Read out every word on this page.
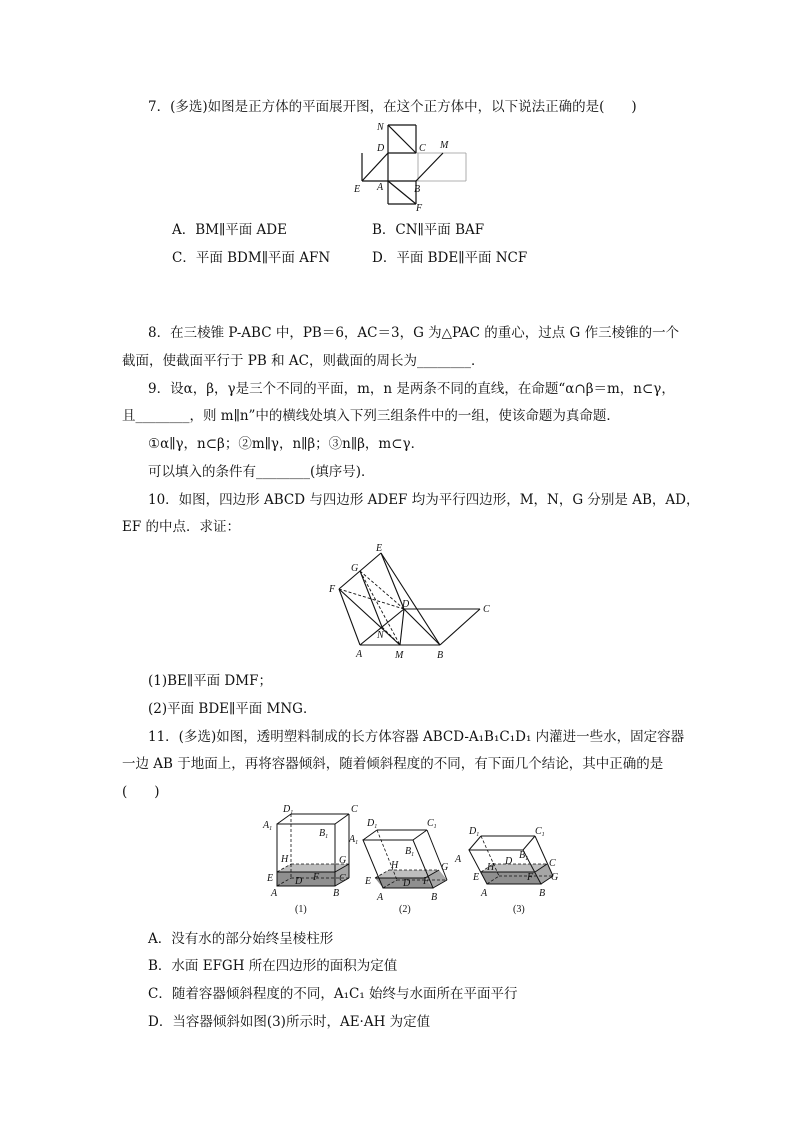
7．(多选)如图是正方体的平面展开图，在这个正方体中，以下说法正确的是(　　)
N
D	C M
E A	B
F
A．BM∥平面 ADE	B．CN∥平面 BAF
C．平面 BDM∥平面 AFN	D．平面 BDE∥平面 NCF
8．在三棱锥 P-ABC 中，PB＝6，AC＝3，G 为△PAC 的重心，过点 G 作三棱锥的一个
截面，使截面平行于 PB 和 AC，则截面的周长为________．
9．设α，β，γ是三个不同的平面，m，n 是两条不同的直线，在命题“α∩β＝m，n⊂γ，
且________，则 m∥n”中的横线处填入下列三组条件中的一组，使该命题为真命题．
①α∥γ，n⊂β；②m∥γ，n∥β；③n∥β，m⊂γ．
可以填入的条件有________(填序号)．
10．如图，四边形 ABCD 与四边形 ADEF 均为平行四边形，M，N，G 分别是 AB，AD，
EF 的中点．求证：
E
G
F
D	C
N
A	M	B
(1)BE∥平面 DMF；
(2)平面 BDE∥平面 MNG．
11．(多选)如图，透明塑料制成的长方体容器 ABCD-A₁B₁C₁D₁ 内灌进一些水，固定容器
一边 AB 于地面上，再将容器倾斜，随着倾斜程度的不同，有下面几个结论，其中正确的是
(　　)
$D_1$	C
$A_1$	$B_1$
H	G
E	F C
D
A	B
(1)
$D_1$	$C_1$
$A_1$
$B_1$
H	G
E	F
D
A	B
(2)
$D_1$	$C_1$
A	$B_1$
H
D	C
G
E	F
A	B
(3)
A．没有水的部分始终呈棱柱形
B．水面 EFGH 所在四边形的面积为定值
C．随着容器倾斜程度的不同，A₁C₁ 始终与水面所在平面平行
D．当容器倾斜如图(3)所示时，AE·AH 为定值
